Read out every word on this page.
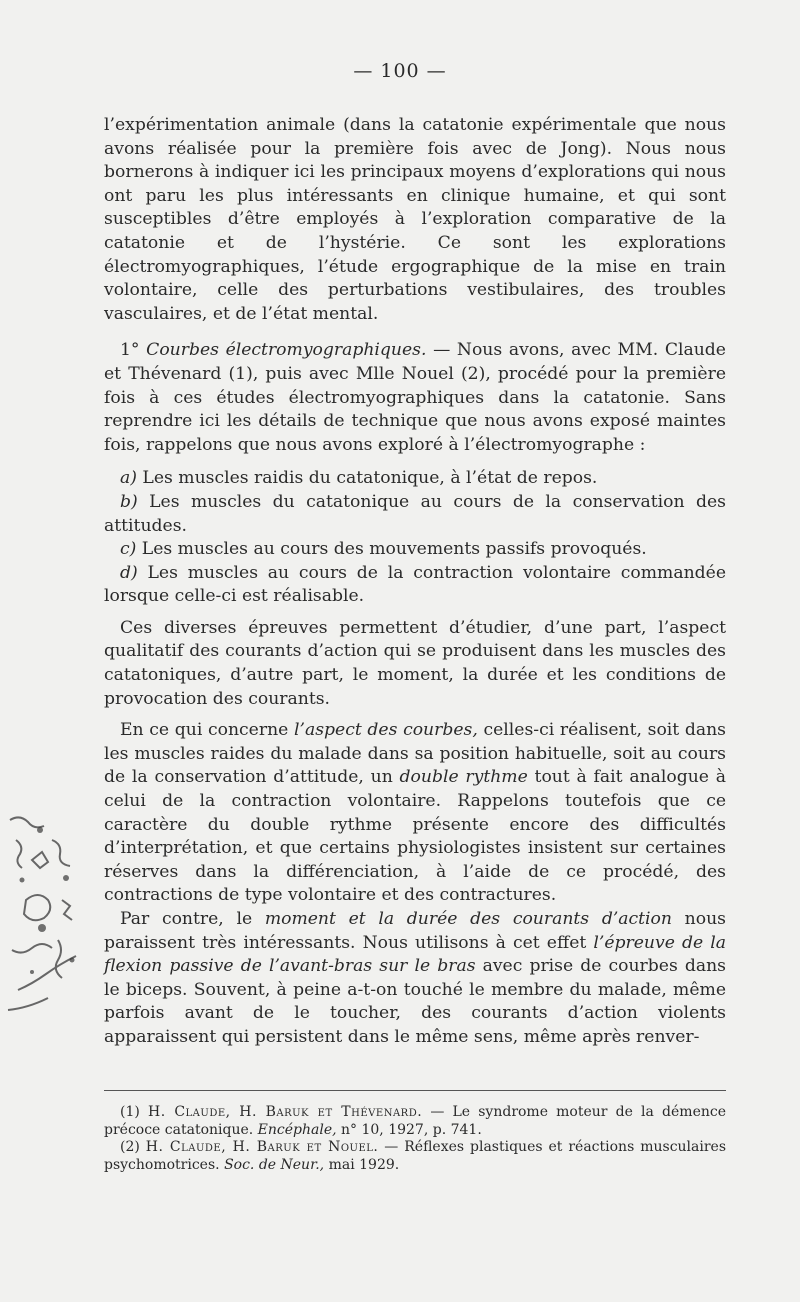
— 100 —

l’expérimentation animale (dans la catatonie expérimentale que nous avons réalisée pour la première fois avec de Jong). Nous nous bornerons à indiquer ici les principaux moyens d’explorations qui nous ont paru les plus intéressants en clinique humaine, et qui sont susceptibles d’être employés à l’exploration comparative de la catatonie et de l’hystérie. Ce sont les explorations électromyographiques, l’étude ergographique de la mise en train volontaire, celle des perturbations vestibulaires, des troubles vasculaires, et de l’état mental.

1° Courbes électromyographiques. — Nous avons, avec MM. Claude et Thévenard (1), puis avec Mlle Nouel (2), procédé pour la première fois à ces études électromyographiques dans la catatonie. Sans reprendre ici les détails de technique que nous avons exposé maintes fois, rappelons que nous avons exploré à l’électromyographe :

a) Les muscles raidis du catatonique, à l’état de repos.

b) Les muscles du catatonique au cours de la conservation des attitudes.

c) Les muscles au cours des mouvements passifs provoqués.

d) Les muscles au cours de la contraction volontaire commandée lorsque celle-ci est réalisable.

Ces diverses épreuves permettent d’étudier, d’une part, l’aspect qualitatif des courants d’action qui se produisent dans les muscles des catatoniques, d’autre part, le moment, la durée et les conditions de provocation des courants.

En ce qui concerne l’aspect des courbes, celles-ci réalisent, soit dans les muscles raides du malade dans sa position habituelle, soit au cours de la conservation d’attitude, un double rythme tout à fait analogue à celui de la contraction volontaire. Rappelons toutefois que ce caractère du double rythme présente encore des difficultés d’interprétation, et que certains physiologistes insistent sur certaines réserves dans la différenciation, à l’aide de ce procédé, des contractions de type volontaire et des contractures.

Par contre, le moment et la durée des courants d’action nous paraissent très intéressants. Nous utilisons à cet effet l’épreuve de la flexion passive de l’avant-bras sur le bras avec prise de courbes dans le biceps. Souvent, à peine a-t-on touché le membre du malade, même parfois avant de le toucher, des courants d’action violents apparaissent qui persistent dans le même sens, même après renver-

(1) H. Claude, H. Baruk et Thévenard. — Le syndrome moteur de la démence précoce catatonique. Encéphale, n° 10, 1927, p. 741.

(2) H. Claude, H. Baruk et Nouel. — Réflexes plastiques et réactions musculaires psychomotrices. Soc. de Neur., mai 1929.
